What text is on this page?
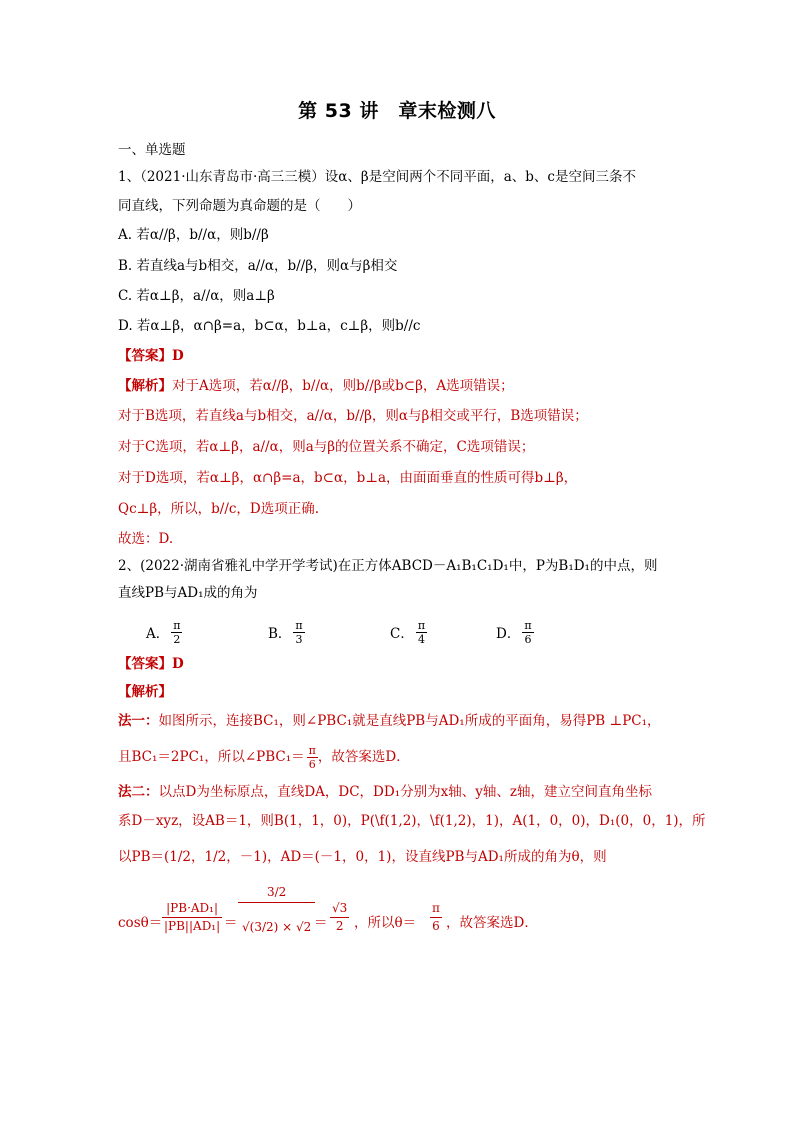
第 53 讲　章末检测八
一、单选题
1、（2021·山东青岛市·高三三模）设α、β是空间两个不同平面，a、b、c是空间三条不
同直线，下列命题为真命题的是（　　）
A. 若α//β，b//α，则b//β
B. 若直线a与b相交，a//α，b//β，则α与β相交
C. 若α⊥β，a//α，则a⊥β
D. 若α⊥β，α∩β=a，b⊂α，b⊥a，c⊥β，则b//c
【答案】D
【解析】对于A选项，若α//β，b//α，则b//β或b⊂β，A选项错误；
对于B选项，若直线a与b相交，a//α，b//β，则α与β相交或平行，B选项错误；
对于C选项，若α⊥β，a//α，则a与β的位置关系不确定，C选项错误；
对于D选项，若α⊥β，α∩β=a，b⊂α，b⊥a，由面面垂直的性质可得b⊥β，
Qc⊥β，所以，b//c，D选项正确.
故选：D.
2、(2022·湖南省雅礼中学开学考试)在正方体ABCD－A₁B₁C₁D₁中，P为B₁D₁的中点，则
直线PB与AD₁成的角为
A． $\frac{\pi}{2}$	B． $\frac{\pi}{3}$	C． $\frac{\pi}{4}$	D． $\frac{\pi}{6}$
【答案】D
【解析】
法一：如图所示，连接BC₁，则∠PBC₁就是直线PB与AD₁所成的平面角，易得PB ⊥PC₁，
且BC₁＝2PC₁，所以∠PBC₁＝ $\frac{\pi}{6}$ ，故答案选D．
法二：以点D为坐标原点，直线DA，DC，DD₁分别为x轴、y轴、z轴，建立空间直角坐标
系D－xyz，设AB＝1，则B(1，1，0)，P(\f(1,2)，\f(1,2)，1)，A(1，0，0)，D₁(0，0，1)，所
以PB＝(1/2，1/2，－1)，AD＝(－1，0，1)，设直线PB与AD₁所成的角为θ，则
$\cos\theta= \frac{\text{|PB·AD₁|}}{\text{|PB||AD₁|}} = \frac{3/2}{√(3/2) \times √2}$
＝ $\frac{√3}{2}$ ，所以$\theta= \frac{\pi}{6}$ ，故答案选D．
